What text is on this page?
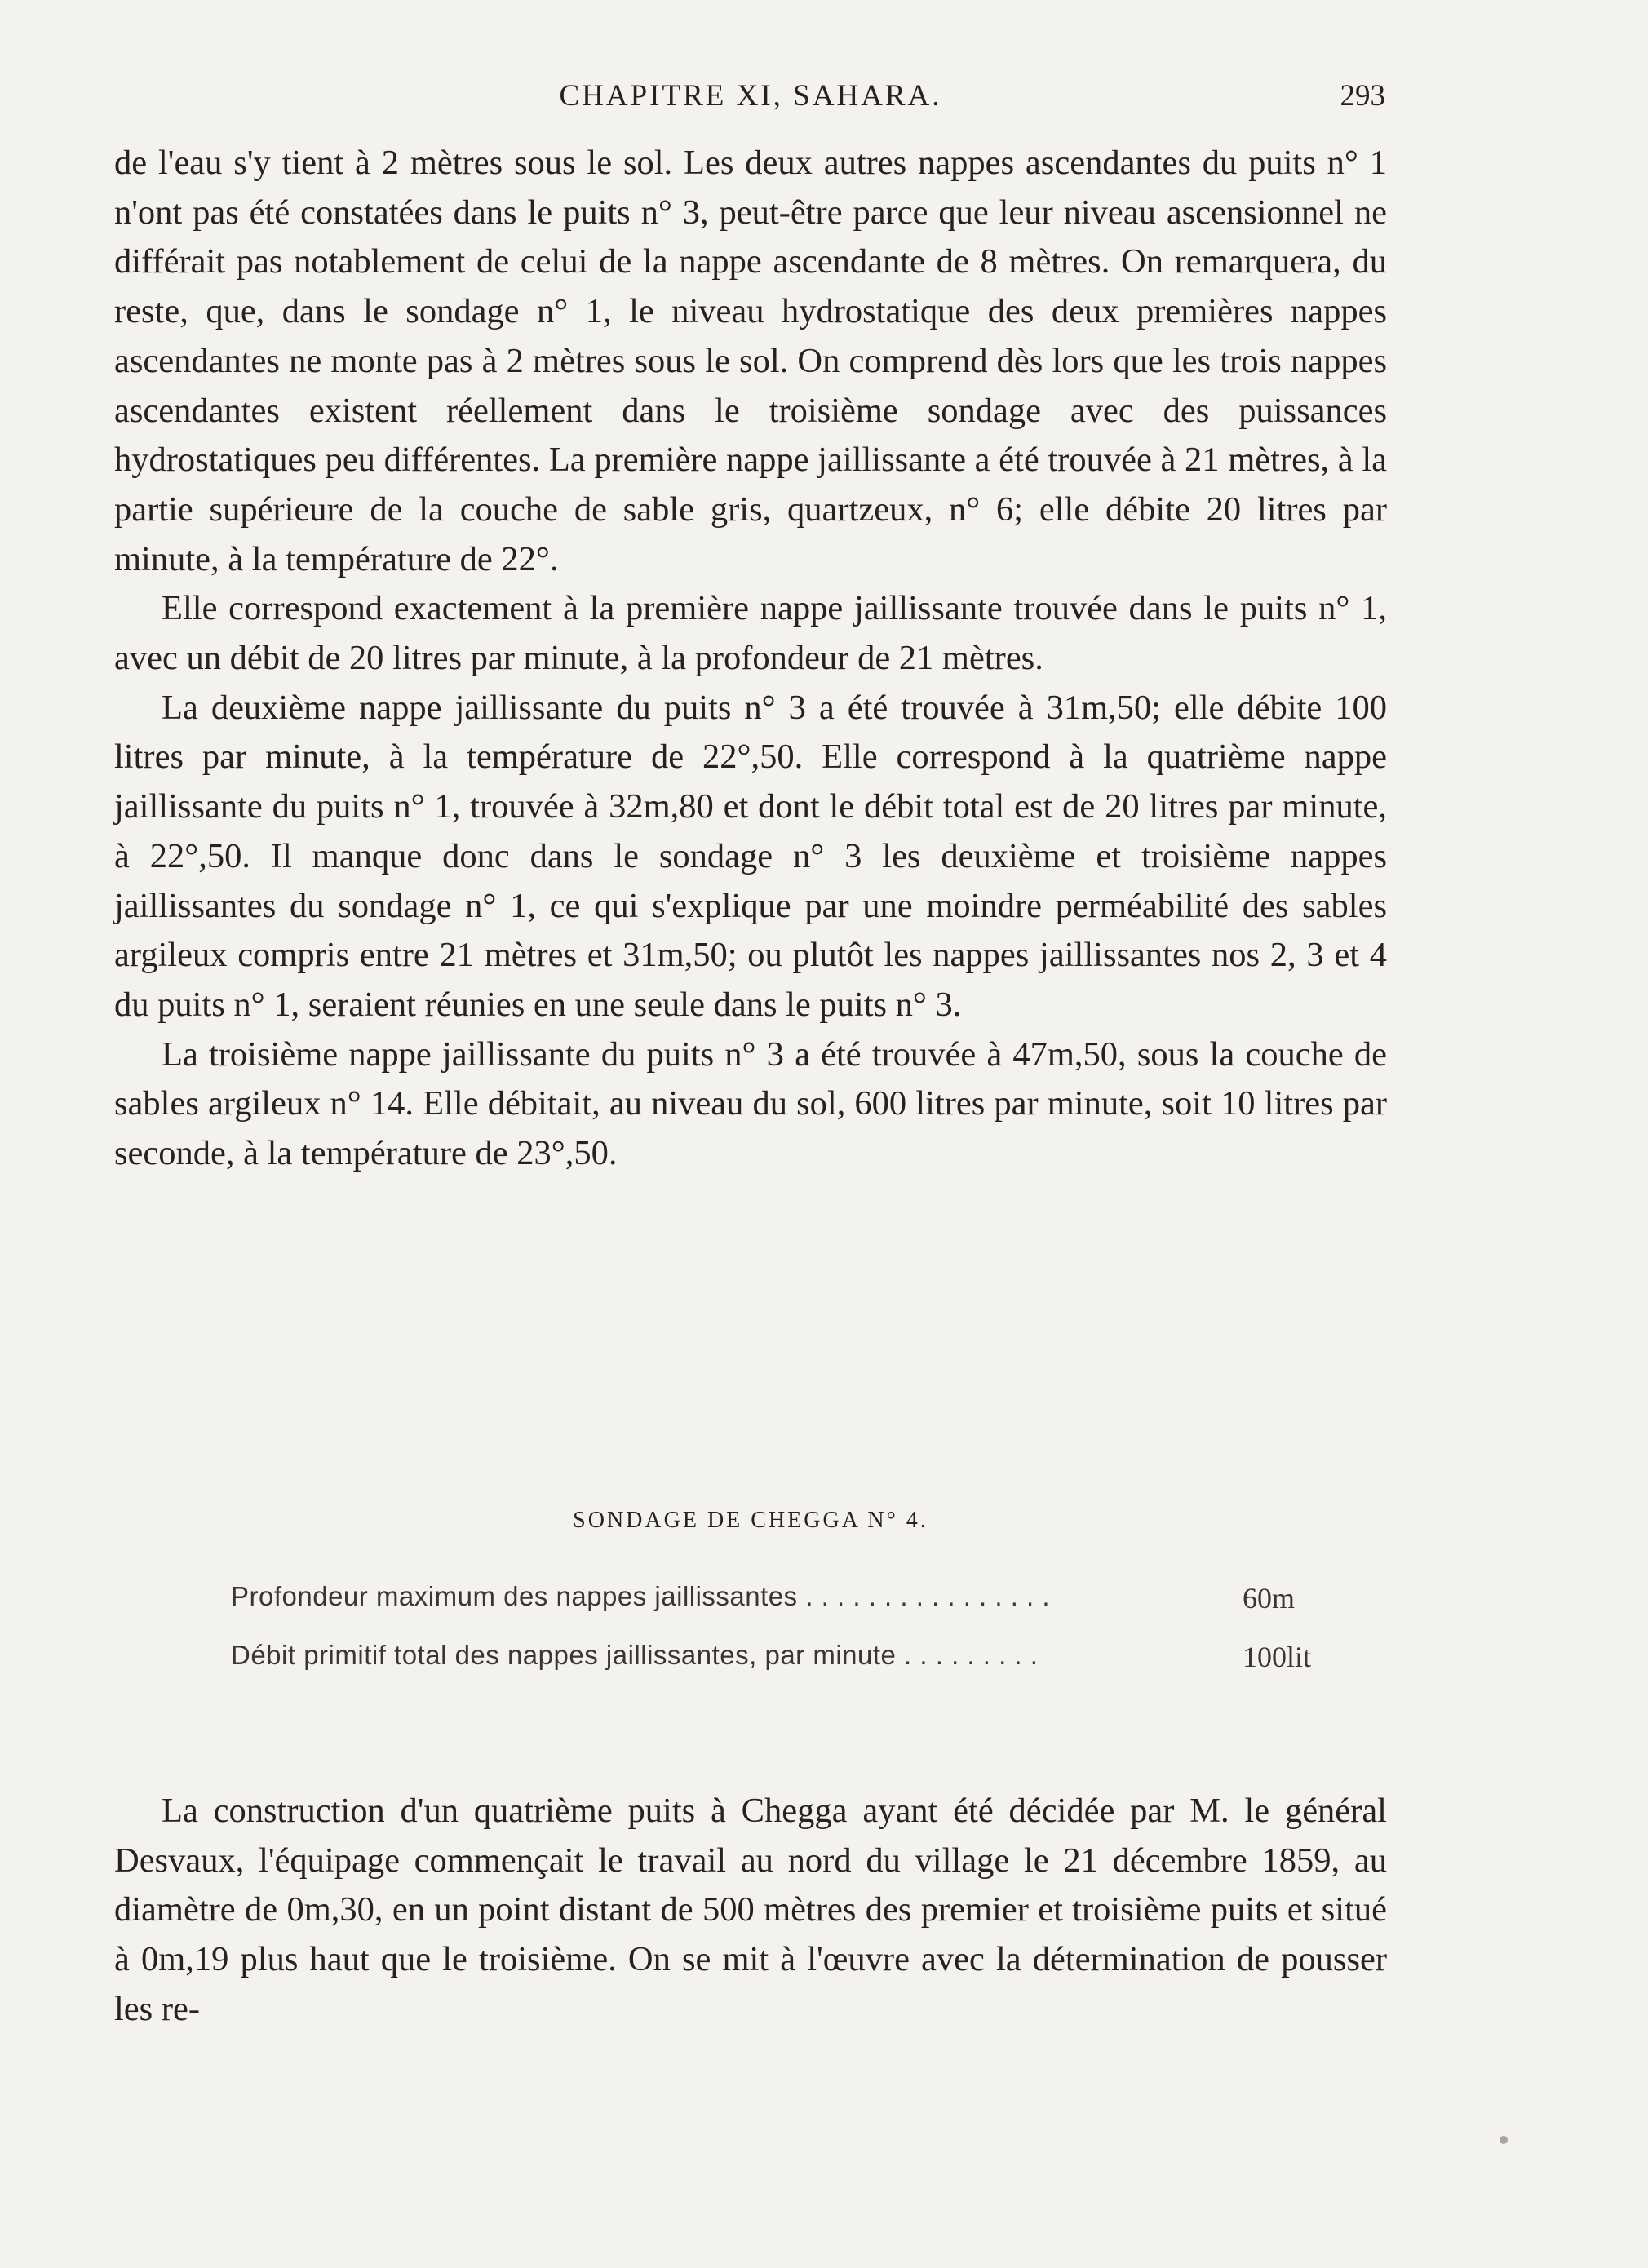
CHAPITRE XI, SAHARA.	293

de l'eau s'y tient à 2 mètres sous le sol. Les deux autres nappes ascendantes du puits n° 1 n'ont pas été constatées dans le puits n° 3, peut-être parce que leur niveau ascensionnel ne différait pas notablement de celui de la nappe ascendante de 8 mètres. On remarquera, du reste, que, dans le sondage n° 1, le niveau hydrostatique des deux premières nappes ascendantes ne monte pas à 2 mètres sous le sol. On comprend dès lors que les trois nappes ascendantes existent réellement dans le troisième sondage avec des puissances hydrostatiques peu différentes. La première nappe jaillissante a été trouvée à 21 mètres, à la partie supérieure de la couche de sable gris, quartzeux, n° 6; elle débite 20 litres par minute, à la température de 22°.

Elle correspond exactement à la première nappe jaillissante trouvée dans le puits n° 1, avec un débit de 20 litres par minute, à la profondeur de 21 mètres.

La deuxième nappe jaillissante du puits n° 3 a été trouvée à 31m,50; elle débite 100 litres par minute, à la température de 22°,50. Elle correspond à la quatrième nappe jaillissante du puits n° 1, trouvée à 32m,80 et dont le débit total est de 20 litres par minute, à 22°,50. Il manque donc dans le sondage n° 3 les deuxième et troisième nappes jaillissantes du sondage n° 1, ce qui s'explique par une moindre perméabilité des sables argileux compris entre 21 mètres et 31m,50; ou plutôt les nappes jaillissantes nos 2, 3 et 4 du puits n° 1, seraient réunies en une seule dans le puits n° 3.

La troisième nappe jaillissante du puits n° 3 a été trouvée à 47m,50, sous la couche de sables argileux n° 14. Elle débitait, au niveau du sol, 600 litres par minute, soit 10 litres par seconde, à la température de 23°,50.

SONDAGE DE CHEGGA N° 4.
Profondeur maximum des nappes jaillissantes . . . . . . . . . . . . . . . .	60m
Débit primitif total des nappes jaillissantes, par minute . . . . . . . . .	100lit

La construction d'un quatrième puits à Chegga ayant été décidée par M. le général Desvaux, l'équipage commençait le travail au nord du village le 21 décembre 1859, au diamètre de 0m,30, en un point distant de 500 mètres des premier et troisième puits et situé à 0m,19 plus haut que le troisième. On se mit à l'œuvre avec la détermination de pousser les re-
